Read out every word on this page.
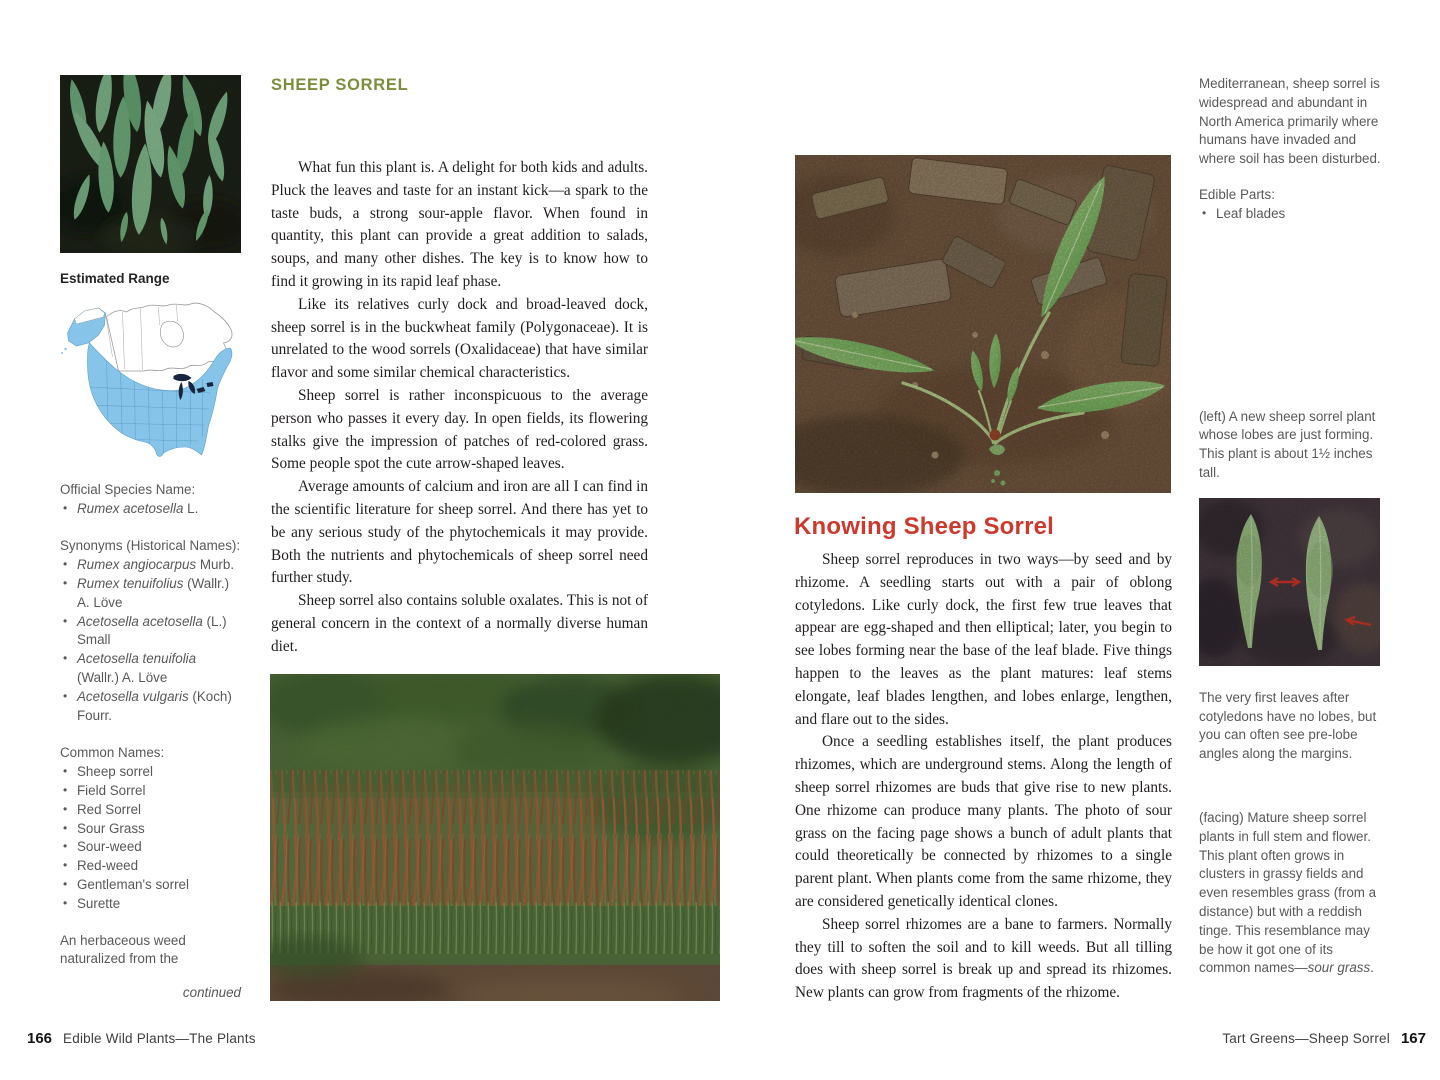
Estimated Range

Official Species Name:

• Rumex acetosella L.

Synonyms (Historical Names):

• Rumex angiocarpus Murb.
• Rumex tenuifolius (Wallr.) A. Löve
• Acetosella acetosella (L.) Small
• Acetosella tenuifolia (Wallr.) A. Löve
• Acetosella vulgaris (Koch) Fourr.

Common Names:

• Sheep sorrel
• Field Sorrel
• Red Sorrel
• Sour Grass
• Sour-weed
• Red-weed
• Gentleman's sorrel
• Surette

An herbaceous weed naturalized from the

continued

SHEEP SORREL

What fun this plant is. A delight for both kids and adults. Pluck the leaves and taste for an instant kick—a spark to the taste buds, a strong sour-apple flavor. When found in quantity, this plant can provide a great addition to salads, soups, and many other dishes. The key is to know how to find it growing in its rapid leaf phase.

Like its relatives curly dock and broad-leaved dock, sheep sorrel is in the buckwheat family (Polygonaceae). It is unrelated to the wood sorrels (Oxalidaceae) that have similar flavor and some similar chemical characteristics.

Sheep sorrel is rather inconspicuous to the average person who passes it every day. In open fields, its flowering stalks give the impression of patches of red-colored grass. Some people spot the cute arrow-shaped leaves.

Average amounts of calcium and iron are all I can find in the scientific literature for sheep sorrel. And there has yet to be any serious study of the phytochemicals it may provide. Both the nutrients and phytochemicals of sheep sorrel need further study.

Sheep sorrel also contains soluble oxalates. This is not of general concern in the context of a normally diverse human diet.

166 Edible Wild Plants—The Plants
Knowing Sheep Sorrel

Sheep sorrel reproduces in two ways—by seed and by rhizome. A seedling starts out with a pair of oblong cotyledons. Like curly dock, the first few true leaves that appear are egg-shaped and then elliptical; later, you begin to see lobes forming near the base of the leaf blade. Five things happen to the leaves as the plant matures: leaf stems elongate, leaf blades lengthen, and lobes enlarge, lengthen, and flare out to the sides.

Once a seedling establishes itself, the plant produces rhizomes, which are underground stems. Along the length of sheep sorrel rhizomes are buds that give rise to new plants. One rhizome can produce many plants. The photo of sour grass on the facing page shows a bunch of adult plants that could theoretically be connected by rhizomes to a single parent plant. When plants come from the same rhizome, they are considered genetically identical clones.

Sheep sorrel rhizomes are a bane to farmers. Normally they till to soften the soil and to kill weeds. But all tilling does with sheep sorrel is break up and spread its rhizomes. New plants can grow from fragments of the rhizome.

Mediterranean, sheep sorrel is widespread and abundant in North America primarily where humans have invaded and where soil has been disturbed.

Edible Parts:

• Leaf blades

(left) A new sheep sorrel plant whose lobes are just forming. This plant is about 1½ inches tall.

The very first leaves after cotyledons have no lobes, but you can often see pre-lobe angles along the margins.

(facing) Mature sheep sorrel plants in full stem and flower. This plant often grows in clusters in grassy fields and even resembles grass (from a distance) but with a reddish tinge. This resemblance may be how it got one of its common names—sour grass.

Tart Greens—Sheep Sorrel 167
